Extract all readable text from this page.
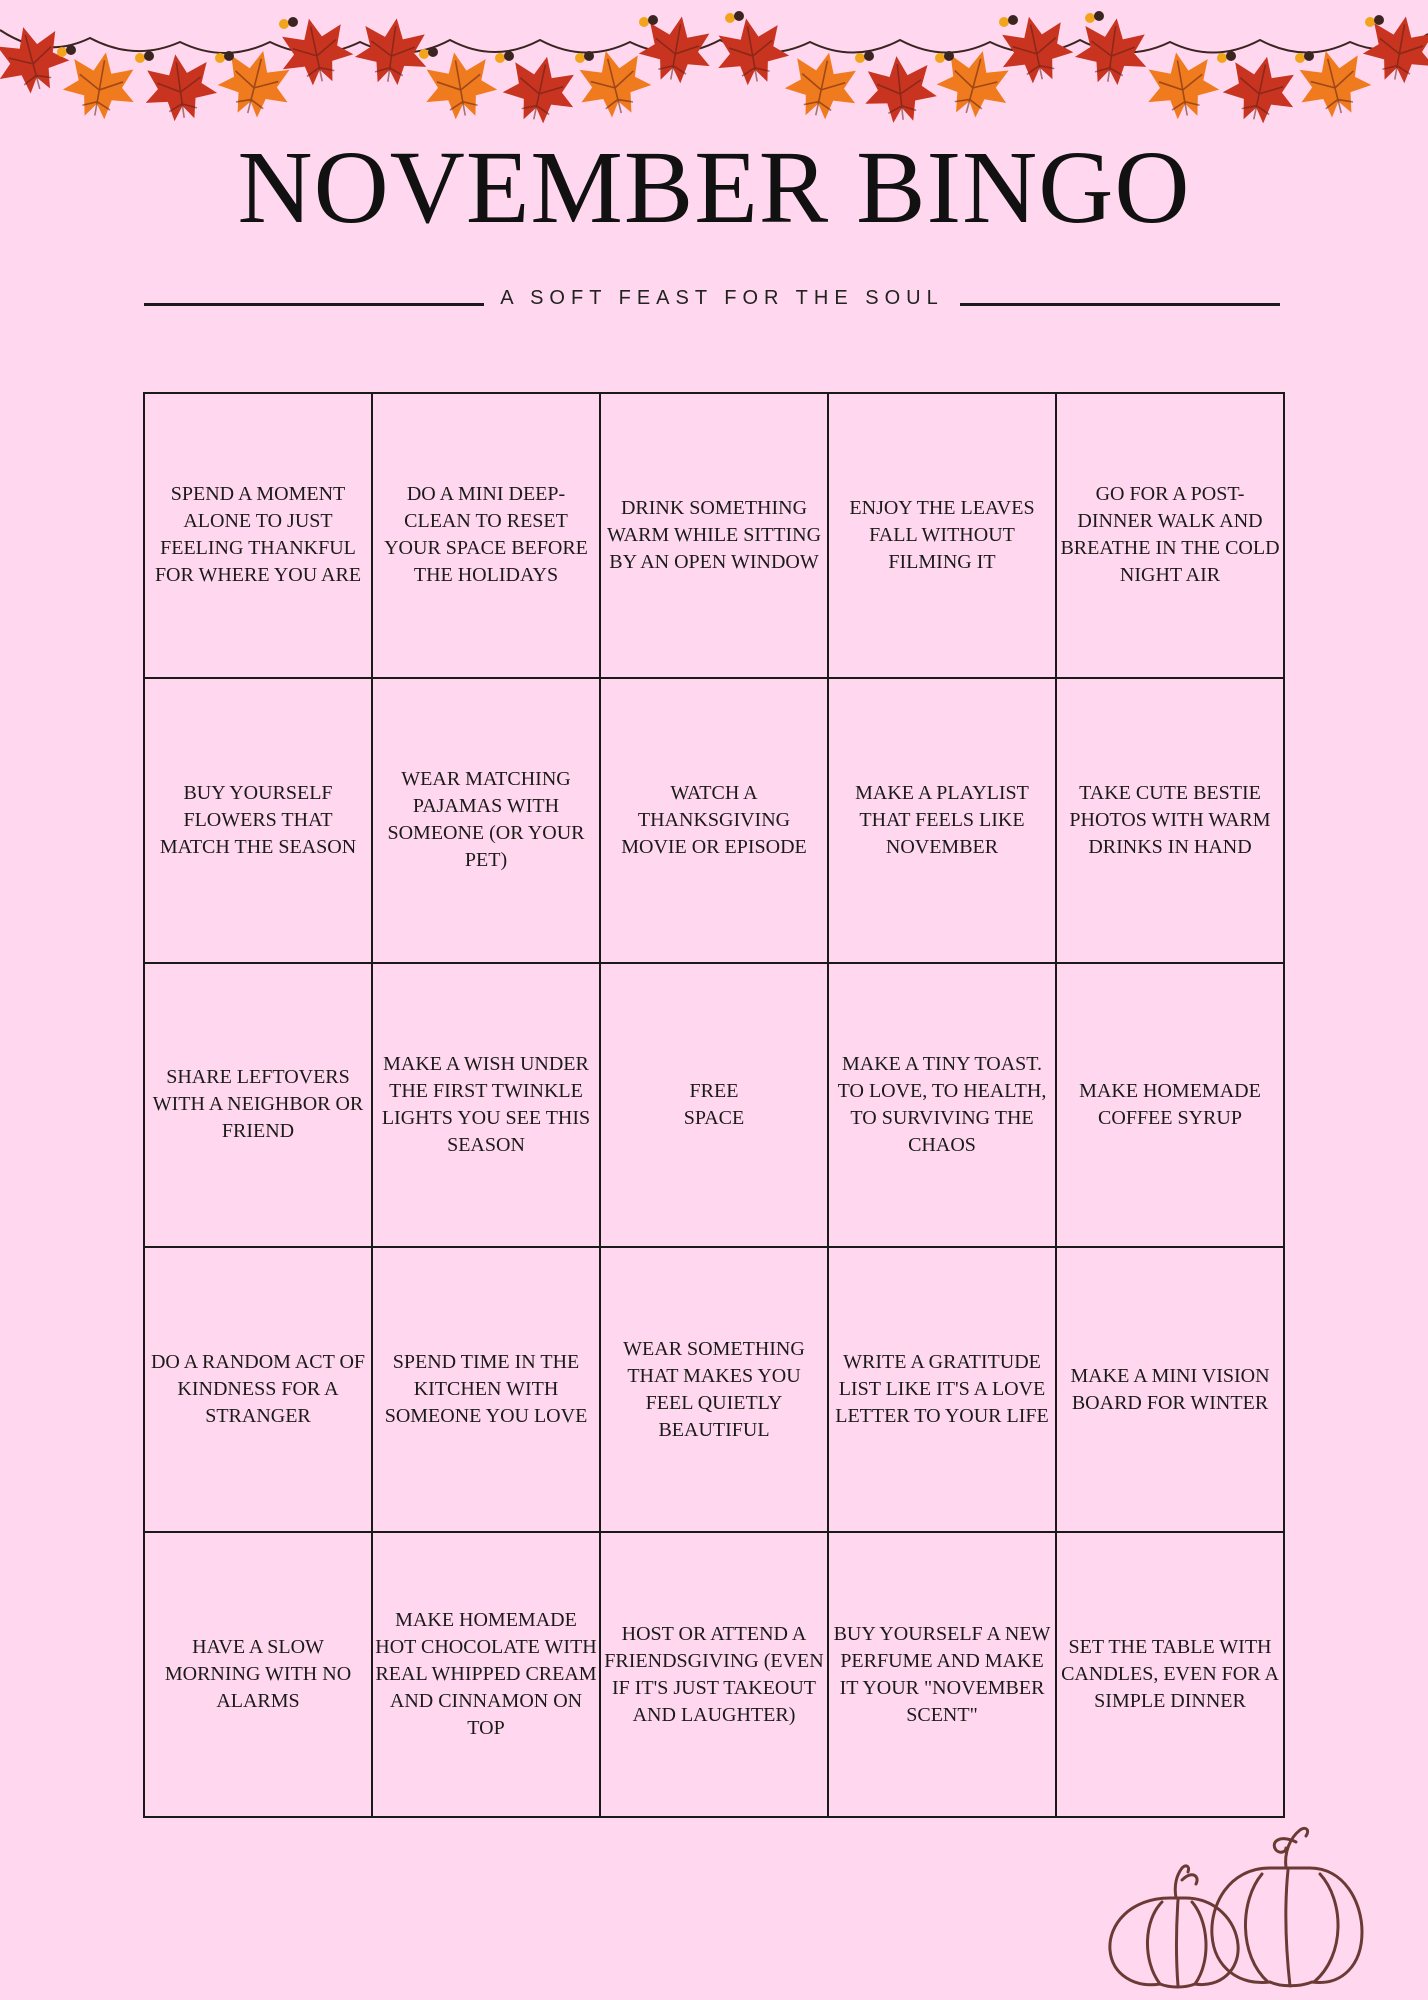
NOVEMBER BINGO
A SOFT FEAST FOR THE SOUL
SPEND A MOMENT ALONE TO JUST FEELING THANKFUL FOR WHERE YOU ARE
DO A MINI DEEP-CLEAN TO RESET YOUR SPACE BEFORE THE HOLIDAYS
DRINK SOMETHING WARM WHILE SITTING BY AN OPEN WINDOW
ENJOY THE LEAVES FALL WITHOUT FILMING IT
GO FOR A POST-DINNER WALK AND BREATHE IN THE COLD NIGHT AIR
BUY YOURSELF FLOWERS THAT MATCH THE SEASON
WEAR MATCHING PAJAMAS WITH SOMEONE (OR YOUR PET)
WATCH A THANKSGIVING MOVIE OR EPISODE
MAKE A PLAYLIST THAT FEELS LIKE NOVEMBER
TAKE CUTE BESTIE PHOTOS WITH WARM DRINKS IN HAND
SHARE LEFTOVERS WITH A NEIGHBOR OR FRIEND
MAKE A WISH UNDER THE FIRST TWINKLE LIGHTS YOU SEE THIS SEASON
FREE SPACE
MAKE A TINY TOAST. TO LOVE, TO HEALTH, TO SURVIVING THE CHAOS
MAKE HOMEMADE COFFEE SYRUP
DO A RANDOM ACT OF KINDNESS FOR A STRANGER
SPEND TIME IN THE KITCHEN WITH SOMEONE YOU LOVE
WEAR SOMETHING THAT MAKES YOU FEEL QUIETLY BEAUTIFUL
WRITE A GRATITUDE LIST LIKE IT'S A LOVE LETTER TO YOUR LIFE
MAKE A MINI VISION BOARD FOR WINTER
HAVE A SLOW MORNING WITH NO ALARMS
MAKE HOMEMADE HOT CHOCOLATE WITH REAL WHIPPED CREAM AND CINNAMON ON TOP
HOST OR ATTEND A FRIENDSGIVING (EVEN IF IT'S JUST TAKEOUT AND LAUGHTER)
BUY YOURSELF A NEW PERFUME AND MAKE IT YOUR "NOVEMBER SCENT"
SET THE TABLE WITH CANDLES, EVEN FOR A SIMPLE DINNER
